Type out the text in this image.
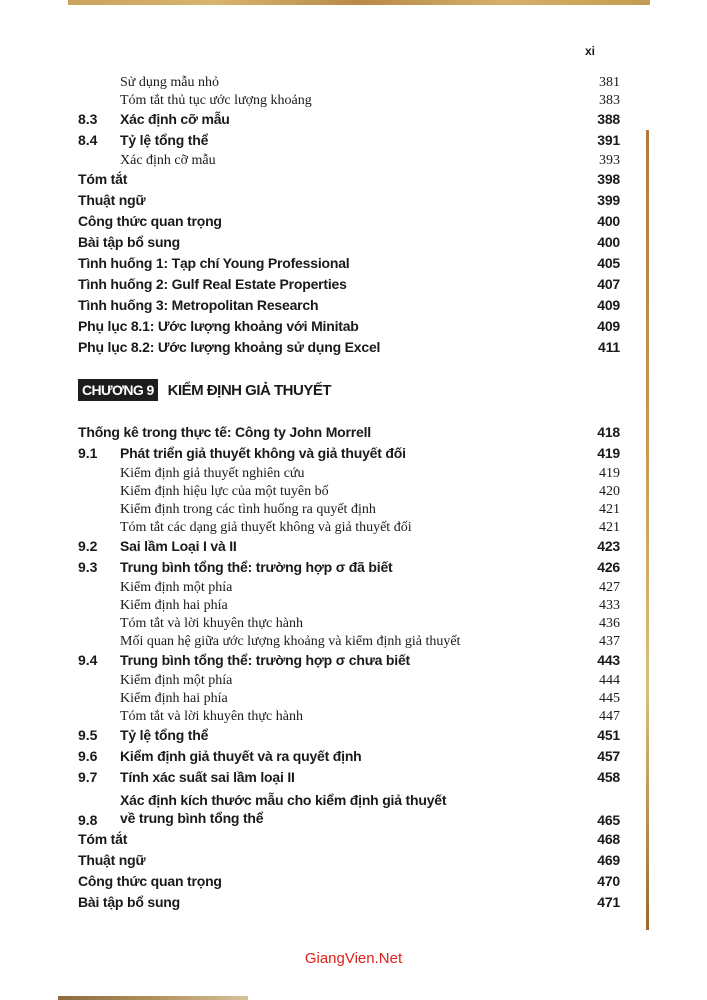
xi
Sử dụng mẫu nhỏ	381
Tóm tắt thủ tục ước lượng khoảng	383
8.3	Xác định cỡ mẫu	388
8.4	Tỷ lệ tổng thể	391
Xác định cỡ mẫu	393
Tóm tắt	398
Thuật ngữ	399
Công thức quan trọng	400
Bài tập bổ sung	400
Tình huống 1: Tạp chí Young Professional	405
Tình huống 2: Gulf Real Estate Properties	407
Tình huống 3: Metropolitan Research	409
Phụ lục 8.1: Ước lượng khoảng với Minitab	409
Phụ lục 8.2: Ước lượng khoảng sử dụng Excel	411
CHƯƠNG 9 KIỂM ĐỊNH GIẢ THUYẾT
Thống kê trong thực tế: Công ty John Morrell	418
9.1	Phát triển giả thuyết không và giả thuyết đối	419
Kiểm định giả thuyết nghiên cứu	419
Kiểm định hiệu lực của một tuyên bố	420
Kiểm định trong các tình huống ra quyết định	421
Tóm tắt các dạng giả thuyết không và giả thuyết đối	421
9.2	Sai lầm Loại I và II	423
9.3	Trung bình tổng thể: trường hợp σ đã biết	426
Kiểm định một phía	427
Kiểm định hai phía	433
Tóm tắt và lời khuyên thực hành	436
Mối quan hệ giữa ước lượng khoảng và kiểm định giả thuyết	437
9.4	Trung bình tổng thể: trường hợp σ chưa biết	443
Kiểm định một phía	444
Kiểm định hai phía	445
Tóm tắt và lời khuyên thực hành	447
9.5	Tỷ lệ tổng thể	451
9.6	Kiểm định giả thuyết và ra quyết định	457
9.7	Tính xác suất sai lầm loại II	458
9.8
Xác định kích thước mẫu cho kiểm định giả thuyết
về trung bình tổng thể	465
Tóm tắt	468
Thuật ngữ	469
Công thức quan trọng	470
Bài tập bổ sung	471
GiangVien.Net
